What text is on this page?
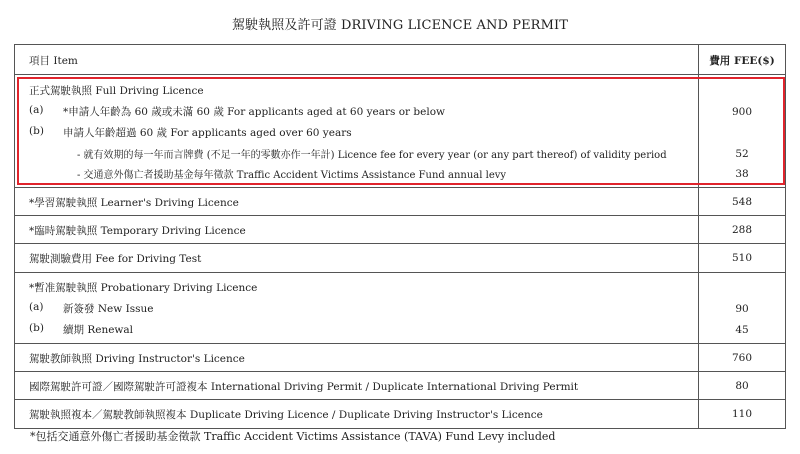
駕駛執照及許可證 DRIVING LICENCE AND PERMIT
項目 Item	費用 FEE($)
正式駕駛執照 Full Driving Licence
(a) *申請人年齡為 60 歲或未滿 60 歲 For applicants aged at 60 years or below	900
(b) 申請人年齡超過 60 歲 For applicants aged over 60 years
- 就有效期的每一年而言牌費 (不足一年的零數亦作一年計) Licence fee for every year (or any part thereof) of validity period	52
- 交通意外傷亡者援助基金每年徵款 Traffic Accident Victims Assistance Fund annual levy	38
*學習駕駛執照 Learner's Driving Licence	548
*臨時駕駛執照 Temporary Driving Licence	288
駕駛測驗費用 Fee for Driving Test	510
*暫准駕駛執照 Probationary Driving Licence
(a) 新簽發 New Issue	90
(b) 續期 Renewal	45
駕駛教師執照 Driving Instructor's Licence	760
國際駕駛許可證／國際駕駛許可證複本 International Driving Permit / Duplicate International Driving Permit	80
駕駛執照複本／駕駛教師執照複本 Duplicate Driving Licence / Duplicate Driving Instructor's Licence	110
*包括交通意外傷亡者援助基金徵款 Traffic Accident Victims Assistance (TAVA) Fund Levy included
